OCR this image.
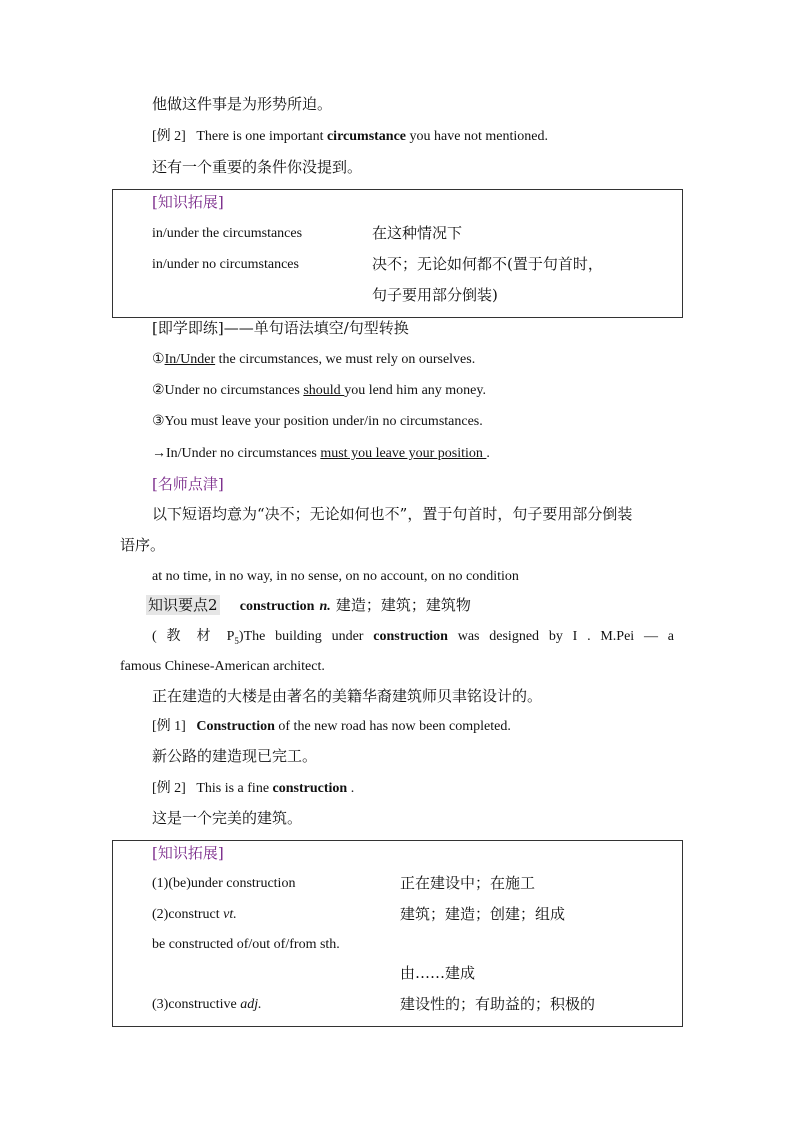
他做这件事是为形势所迫。
[例 2] There is one important circumstance you have not mentioned.
还有一个重要的条件你没提到。
[知识拓展]
in/under the circumstances	在这种情况下
in/under no circumstances	决不；无论如何都不(置于句首时，
句子要用部分倒装)
[即学即练]——单句语法填空/句型转换
①In/Under the circumstances, we must rely on ourselves.
②Under no circumstances should you lend him any money.
③You must leave your position under/in no circumstances.
→In/Under no circumstances must you leave your position .
[名师点津]
以下短语均意为“决不；无论如何也不”，置于句首时，句子要用部分倒装
语序。
at no time, in no way, in no sense, on no account, on no condition
知识要点2 construction n. 建造；建筑；建筑物
( 教 材 $P_5)The$ building under construction was designed by I . M.Pei — a
famous Chinese-American architect.
正在建造的大楼是由著名的美籍华裔建筑师贝聿铭设计的。
[例 1] Construction of the new road has now been completed.
新公路的建造现已完工。
[例 2] This is a fine construction .
这是一个完美的建筑。
[知识拓展]
(1)(be)under construction	正在建设中；在施工
(2)construct vt.	建筑；建造；创建；组成
be constructed of/out of/from sth.
由……建成
(3)constructive adj.	建设性的；有助益的；积极的
